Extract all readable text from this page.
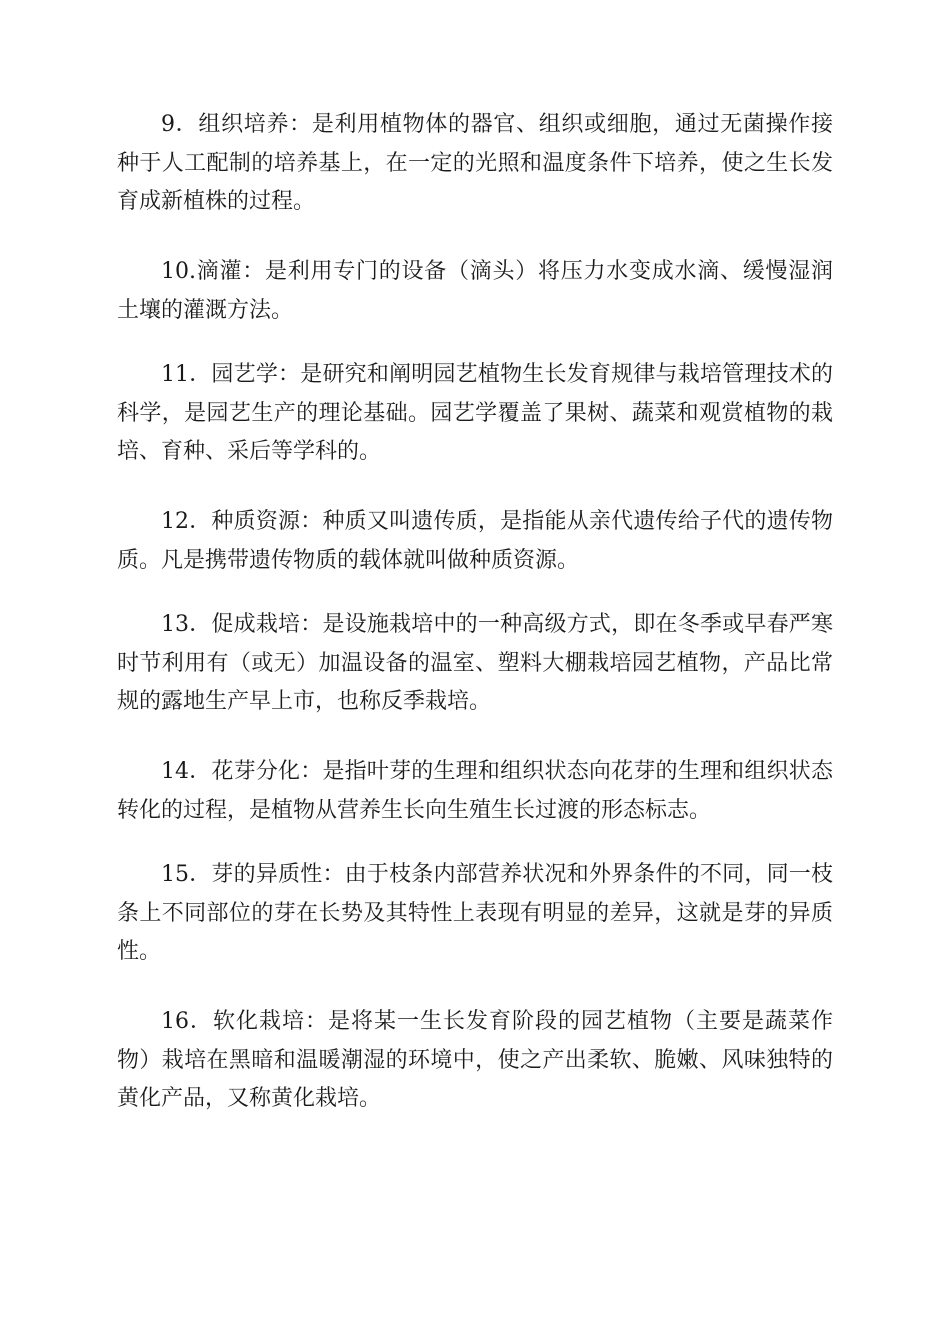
9．组织培养：是利用植物体的器官、组织或细胞，通过无菌操作接种于人工配制的培养基上，在一定的光照和温度条件下培养，使之生长发育成新植株的过程。

10.滴灌：是利用专门的设备（滴头）将压力水变成水滴、缓慢湿润土壤的灌溉方法。

11．园艺学：是研究和阐明园艺植物生长发育规律与栽培管理技术的科学，是园艺生产的理论基础。园艺学覆盖了果树、蔬菜和观赏植物的栽培、育种、采后等学科的。

12．种质资源：种质又叫遗传质，是指能从亲代遗传给子代的遗传物质。凡是携带遗传物质的载体就叫做种质资源。

13．促成栽培：是设施栽培中的一种高级方式，即在冬季或早春严寒时节利用有（或无）加温设备的温室、塑料大棚栽培园艺植物，产品比常规的露地生产早上市，也称反季栽培。

14．花芽分化：是指叶芽的生理和组织状态向花芽的生理和组织状态转化的过程，是植物从营养生长向生殖生长过渡的形态标志。

15．芽的异质性：由于枝条内部营养状况和外界条件的不同，同一枝条上不同部位的芽在长势及其特性上表现有明显的差异，这就是芽的异质性。

16．软化栽培：是将某一生长发育阶段的园艺植物（主要是蔬菜作物）栽培在黑暗和温暖潮湿的环境中，使之产出柔软、脆嫩、风味独特的黄化产品，又称黄化栽培。
